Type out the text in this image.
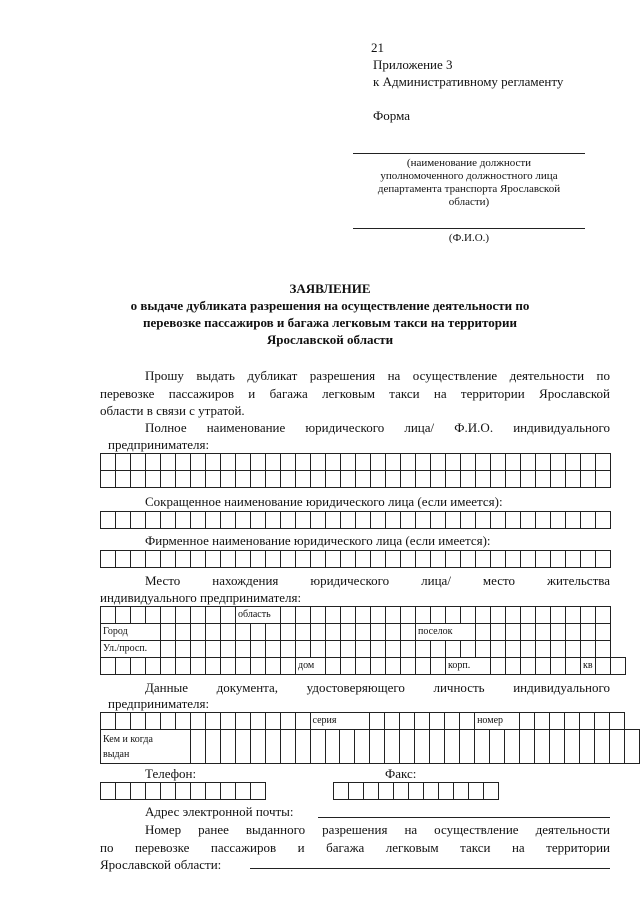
21
Приложение 3
к Административному регламенту
Форма
(наименование должности
уполномоченного должностного лица
департамента транспорта Ярославской
области)
(Ф.И.О.)
ЗАЯВЛЕНИЕ
о выдаче дубликата разрешения на осуществление деятельности по
перевозке пассажиров и багажа легковым такси на территории
Ярославской области
Прошу выдать дубликат разрешения на осуществление деятельности по
перевозке пассажиров и багажа легковым такси на территории Ярославской
области в связи с утратой.
Полное наименование юридического лица/ Ф.И.О. индивидуального
предпринимателя:

Сокращенное наименование юридического лица (если имеется):

Фирменное наименование юридического лица (если имеется):

Место нахождения юридического лица/ место жительства
индивидуального предпринимателя:
									область																									
Город																					поселок													
Ул./просп.																																		
													дом										корп.									кв		
Данные документа, удостоверяющего личность индивидуального
предпринимателя:
														серия											номер										
Кем и когда
выдан																																			
Телефон:	Факс:

Адрес электронной почты:
Номер ранее выданного разрешения на осуществление деятельности
по перевозке пассажиров и багажа легковым такси на территории
Ярославской области:
